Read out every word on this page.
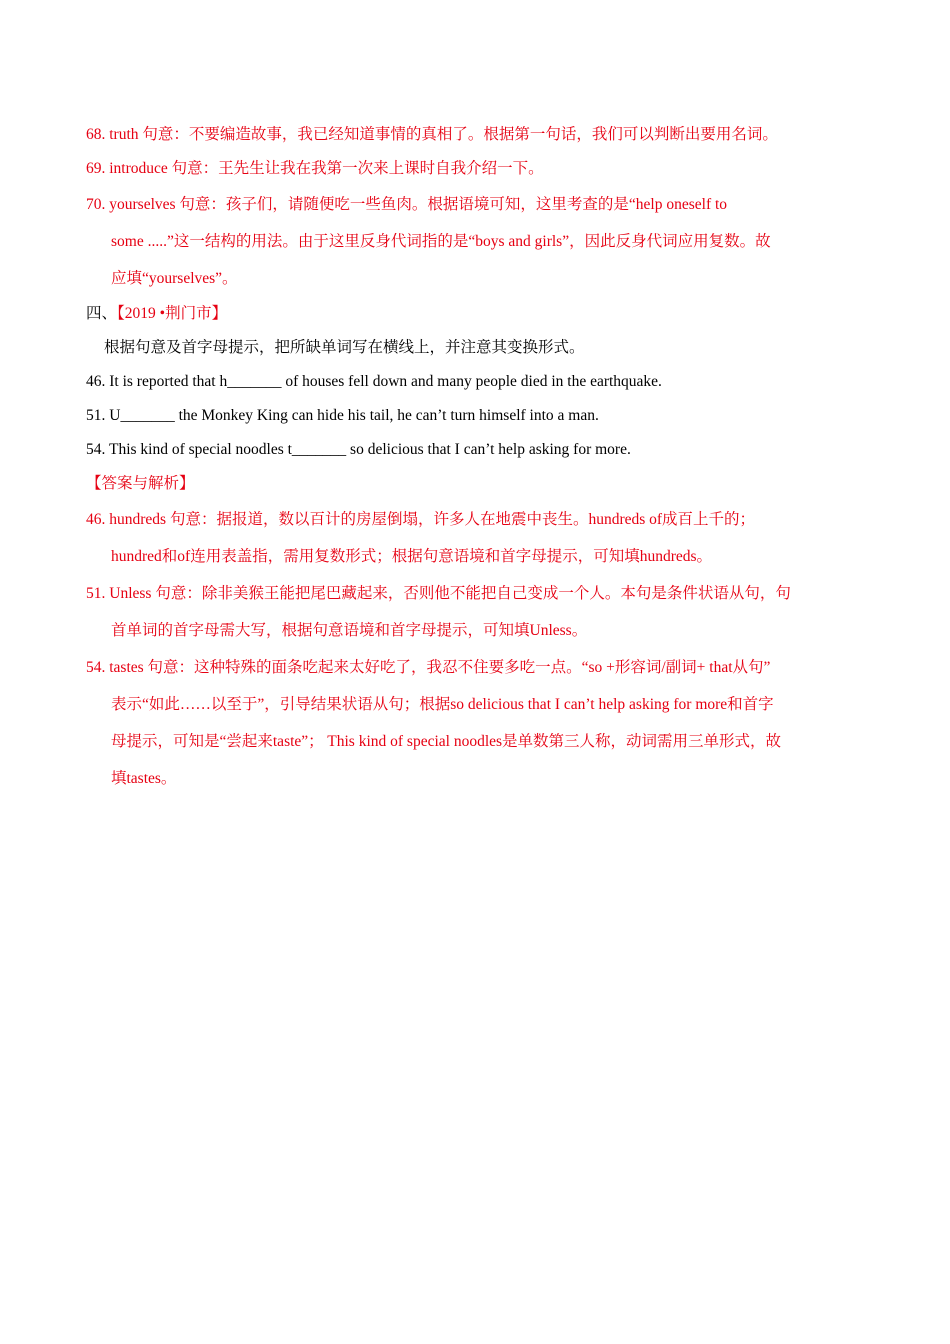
68. truth 句意：不要编造故事，我已经知道事情的真相了。根据第一句话，我们可以判断出要用名词。
69. introduce 句意：王先生让我在我第一次来上课时自我介绍一下。
70. yourselves 句意：孩子们，请随便吃一些鱼肉。根据语境可知，这里考查的是“help oneself to
some .....”这一结构的用法。由于这里反身代词指的是“boys and girls”，因此反身代词应用复数。故
应填“yourselves”。
四、【2019 •荆门市】
根据句意及首字母提示，把所缺单词写在横线上，并注意其变换形式。
46. It is reported that h_______ of houses fell down and many people died in the earthquake.
51. U_______ the Monkey King can hide his tail, he can’t turn himself into a man.
54. This kind of special noodles t_______ so delicious that I can’t help asking for more.
【答案与解析】
46. hundreds 句意：据报道，数以百计的房屋倒塌，许多人在地震中丧生。hundreds of成百上千的；
hundred和of连用表盖指，需用复数形式；根据句意语境和首字母提示，可知填hundreds。
51. Unless 句意：除非美猴王能把尾巴藏起来，否则他不能把自己变成一个人。本句是条件状语从句，句
首单词的首字母需大写，根据句意语境和首字母提示，可知填Unless。
54. tastes 句意：这种特殊的面条吃起来太好吃了，我忍不住要多吃一点。“so +形容词/副词+ that从句”
表示“如此……以至于”，引导结果状语从句；根据so delicious that I can’t help asking for more和首字
母提示，可知是“尝起来taste”； This kind of special noodles是单数第三人称，动词需用三单形式，故
填tastes。
